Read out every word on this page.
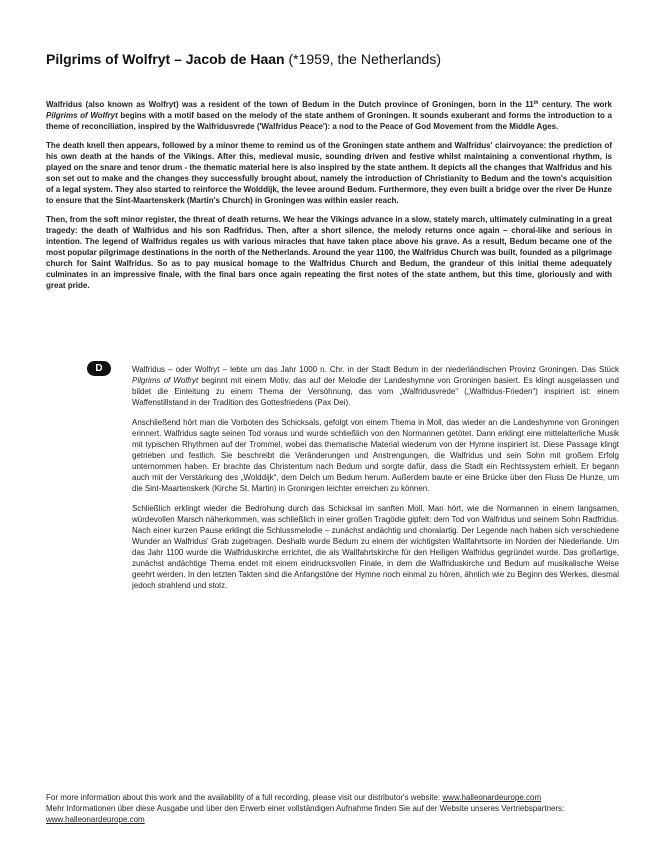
Pilgrims of Wolfryt – Jacob de Haan (*1959, the Netherlands)

Walfridus (also known as Wolfryt) was a resident of the town of Bedum in the Dutch province of Groningen, born in the 11th century. The work Pilgrims of Wolfryt begins with a motif based on the melody of the state anthem of Groningen. It sounds exuberant and forms the introduction to a theme of reconciliation, inspired by the Walfridusvrede ('Walfridus Peace'): a nod to the Peace of God Movement from the Middle Ages.

The death knell then appears, followed by a minor theme to remind us of the Groningen state anthem and Walfridus' clairvoyance: the prediction of his own death at the hands of the Vikings. After this, medieval music, sounding driven and festive whilst maintaining a conventional rhythm, is played on the snare and tenor drum - the thematic material here is also inspired by the state anthem. It depicts all the changes that Walfridus and his son set out to make and the changes they successfully brought about, namely the introduction of Christianity to Bedum and the town's acquisition of a legal system. They also started to reinforce the Wolddijk, the levee around Bedum. Furthermore, they even built a bridge over the river De Hunze to ensure that the Sint-Maartenskerk (Martin's Church) in Groningen was within easier reach.

Then, from the soft minor register, the threat of death returns. We hear the Vikings advance in a slow, stately march, ultimately culminating in a great tragedy: the death of Walfridus and his son Radfridus. Then, after a short silence, the melody returns once again – choral-like and serious in intention. The legend of Walfridus regales us with various miracles that have taken place above his grave. As a result, Bedum became one of the most popular pilgrimage destinations in the north of the Netherlands. Around the year 1100, the Walfridus Church was built, founded as a pilgrimage church for Saint Walfridus. So as to pay musical homage to the Walfridus Church and Bedum, the grandeur of this initial theme adequately culminates in an impressive finale, with the final bars once again repeating the first notes of the state anthem, but this time, gloriously and with great pride.

D	Walfridus – oder Wolfryt – lebte um das Jahr 1000 n. Chr. in der Stadt Bedum in der niederländischen Provinz Groningen. Das Stück Pilgrims of Wolfryt beginnt mit einem Motiv, das auf der Melodie der Landeshymne von Groningen basiert. Es klingt ausgelassen und bildet die Einleitung zu einem Thema der Versöhnung, das vom „Walfridusvrede“ („Walfridus-Frieden“) inspiriert ist: einem Waffenstillstand in der Tradition des Gottesfriedens (Pax Dei).

Anschließend hört man die Vorboten des Schicksals, gefolgt von einem Thema in Moll, das wieder an die Landeshymne von Groningen erinnert. Walfridus sagte seinen Tod voraus und wurde schließlich von den Normannen getötet. Dann erklingt eine mittelalterliche Musik mit typischen Rhythmen auf der Trommel, wobei das thematische Material wiederum von der Hymne inspiriert ist. Diese Passage klingt getrieben und festlich. Sie beschreibt die Veränderungen und Anstrengungen, die Walfridus und sein Sohn mit großem Erfolg unternommen haben. Er brachte das Christentum nach Bedum und sorgte dafür, dass die Stadt ein Rechtssystem erhielt. Er begann auch mit der Verstärkung des „Wolddijk“, dem Deich um Bedum herum. Außerdem baute er eine Brücke über den Fluss De Hunze, um die Sint-Maartenskerk (Kirche St. Martin) in Groningen leichter erreichen zu können.

Schließlich erklingt wieder die Bedrohung durch das Schicksal im sanften Moll. Man hört, wie die Normannen in einem langsamen, würdevollen Marsch näherkommen, was schließlich in einer großen Tragödie gipfelt: dem Tod von Walfridus und seinem Sohn Radfridus. Nach einer kurzen Pause erklingt die Schlussmelodie – zunächst andächtig und choralartig. Der Legende nach haben sich verschiedene Wunder an Walfridus' Grab zugetragen. Deshalb wurde Bedum zu einem der wichtigsten Wallfahrtsorte im Norden der Niederlande. Um das Jahr 1100 wurde die Walfriduskirche errichtet, die als Wallfahrtskirche für den Heiligen Walfridus gegründet wurde. Das großartige, zunächst andächtige Thema endet mit einem eindrucksvollen Finale, in dem die Walfriduskirche und Bedum auf musikalische Weise geehrt werden. In den letzten Takten sind die Anfangstöne der Hymne noch einmal zu hören, ähnlich wie zu Beginn des Werkes, diesmal jedoch strahlend und stolz.

For more information about this work and the availability of a full recording, please visit our distributor's website: www.halleonardeurope.com
Mehr Informationen über diese Ausgabe und über den Erwerb einer vollständigen Aufnahme finden Sie auf der Website unseres Vertriebspartners:
www.halleonardeurope.com
